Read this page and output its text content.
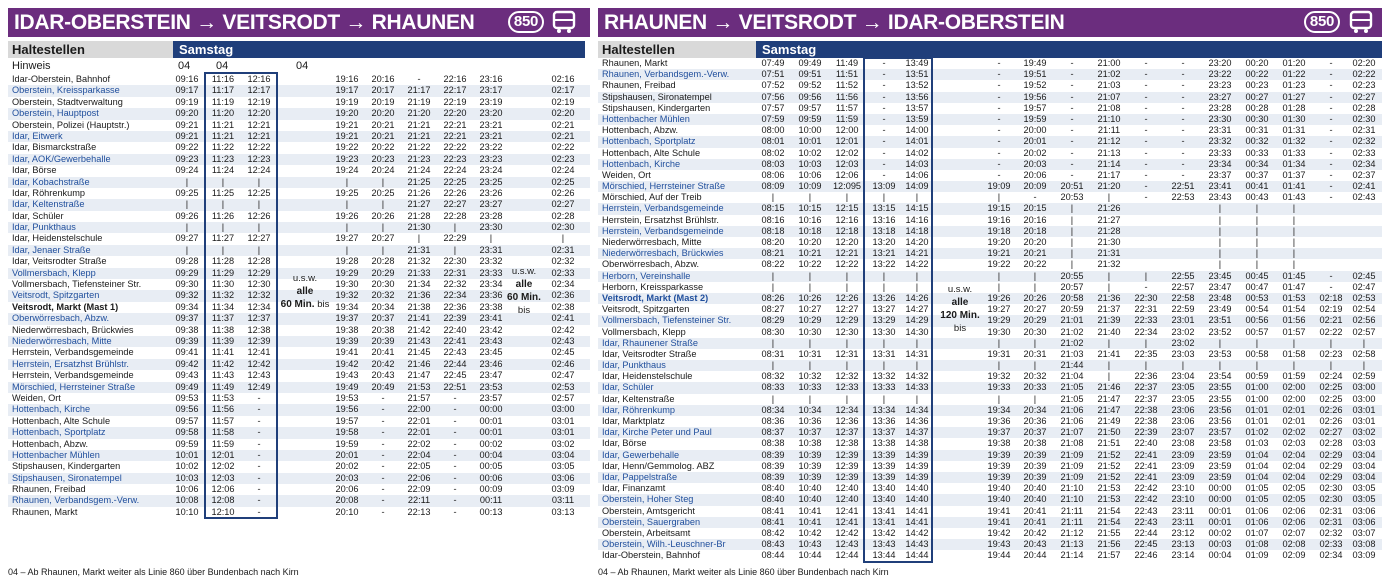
IDAR-OBERSTEIN → VEITSRODT → RHAUNEN	850
Haltestellen	Samstag
Hinweis	04 04	04
Idar-Oberstein, Bahnhof	09:16	11:16	12:16	19:16	20:16	-	22:16	23:16	02:16
Oberstein, Kreissparkasse	09:17	11:17	12:17	19:17	20:17	21:17	22:17	23:17	02:17
Oberstein, Stadtverwaltung	09:19	11:19	12:19	19:19	20:19	21:19	22:19	23:19	02:19
Oberstein, Hauptpost	09:20	11:20	12:20	19:20	20:20	21:20	22:20	23:20	02:20
Oberstein, Polizei (Hauptstr.)	09:21	11:21	12:21	19:21	20:21	21:21	22:21	23:21	02:21
Idar, Eitwerk	09:21	11:21	12:21	19:21	20:21	21:21	22:21	23:21	02:21
Idar, Bismarckstraße	09:22	11:22	12:22	19:22	20:22	21:22	22:22	23:22	02:22
Idar, AOK/Gewerbehalle	09:23	11:23	12:23	19:23	20:23	21:23	22:23	23:23	02:23
Idar, Börse	09:24	11:24	12:24	19:24	20:24	21:24	22:24	23:24	02:24
Idar, Kobachstraße	|	|	|	|	|	21:25	22:25	23:25	02:25
Idar, Röhrenkump	09:25	11:25	12:25	19:25	20:25	21:26	22:26	23:26	02:26
Idar, Keltenstraße	|	|	|	|	|	21:27	22:27	23:27	02:27
Idar, Schüler	09:26	11:26	12:26	19:26	20:26	21:28	22:28	23:28	02:28
Idar, Punkthaus	|	|	|	|	|	21:30	|	23:30	02:30
Idar, Heidenstelschule	09:27	11:27	12:27	19:27	20:27	|	22:29	|	|
Idar, Jenaer Straße	|	|	|	|	|	21:31	|	23:31	02:31
Idar, Veitsrodter Straße	09:28	11:28	12:28	19:28	20:28	21:32	22:30	23:32	02:32
Vollmersbach, Klepp	09:29	11:29	12:29	19:29	20:29	21:33	22:31	23:33	02:33
Vollmersbach, Tiefensteiner Str.	09:30	11:30	12:30	19:30	20:30	21:34	22:32	23:34	02:34
Veitsrodt, Spitzgarten	09:32	11:32	12:32	19:32	20:32	21:36	22:34	23:36	02:36
Veitsrodt, Markt (Mast 1)	09:34	11:34	12:34	19:34	20:34	21:38	22:36	23:38	02:38
Oberwörresbach, Abzw.	09:37	11:37	12:37	19:37	20:37	21:41	22:39	23:41	02:41
Niederwörresbach, Brückwies	09:38	11:38	12:38	19:38	20:38	21:42	22:40	23:42	02:42
Niederwörresbach, Mitte	09:39	11:39	12:39	19:39	20:39	21:43	22:41	23:43	02:43
Herrstein, Verbandsgemeinde	09:41	11:41	12:41	19:41	20:41	21:45	22:43	23:45	02:45
Herrstein, Ersatzhst Brühlstr.	09:42	11:42	12:42	19:42	20:42	21:46	22:44	23:46	02:46
Herrstein, Verbandsgemeinde	09:43	11:43	12:43	19:43	20:43	21:47	22:45	23:47	02:47
Mörschied, Herrsteiner Straße	09:49	11:49	12:49	19:49	20:49	21:53	22:51	23:53	02:53
Weiden, Ort	09:53	11:53	-	19:53	-	21:57	-	23:57	02:57
Hottenbach, Kirche	09:56	11:56	-	19:56	-	22:00	-	00:00	03:00
Hottenbach, Alte Schule	09:57	11:57	-	19:57	-	22:01	-	00:01	03:01
Hottenbach, Sportplatz	09:58	11:58	-	19:58	-	22:01	-	00:01	03:01
Hottenbach, Abzw.	09:59	11:59	-	19:59	-	22:02	-	00:02	03:02
Hottenbacher Mühlen	10:01	12:01	-	20:01	-	22:04	-	00:04	03:04
Stipshausen, Kindergarten	10:02	12:02	-	20:02	-	22:05	-	00:05	03:05
Stipshausen, Sironatempel	10:03	12:03	-	20:03	-	22:06	-	00:06	03:06
Rhaunen, Freibad	10:06	12:06	-	20:06	-	22:09	-	00:09	03:09
Rhaunen, Verbandsgem.-Verw.	10:08	12:08	-	20:08	-	22:11	-	00:11	03:11
Rhaunen, Markt	10:10	12:10	-	20:10	-	22:13	-	00:13	03:13
u.s.w.
alle
60 Min. bis
u.s.w.
alle
60 Min.
bis
04 – Ab Rhaunen, Markt weiter als Linie 860 über Bundenbach nach Kirn
RHAUNEN → VEITSRODT → IDAR-OBERSTEIN	850
Haltestellen	Samstag
Rhaunen, Markt	07:49	09:49	11:49	-	13:49	-	19:49	-	21:00	-	-	23:20	00:20	01:20	-	02:20
Rhaunen, Verbandsgem.-Verw.	07:51	09:51	11:51	-	13:51	-	19:51	-	21:02	-	-	23:22	00:22	01:22	-	02:22
Rhaunen, Freibad	07:52	09:52	11:52	-	13:52	-	19:52	-	21:03	-	-	23:23	00:23	01:23	-	02:23
Stipshausen, Sironatempel	07:56	09:56	11:56	-	13:56	-	19:56	-	21:07	-	-	23:27	00:27	01:27	-	02:27
Stipshausen, Kindergarten	07:57	09:57	11:57	-	13:57	-	19:57	-	21:08	-	-	23:28	00:28	01:28	-	02:28
Hottenbacher Mühlen	07:59	09:59	11:59	-	13:59	-	19:59	-	21:10	-	-	23:30	00:30	01:30	-	02:30
Hottenbach, Abzw.	08:00	10:00	12:00	-	14:00	-	20:00	-	21:11	-	-	23:31	00:31	01:31	-	02:31
Hottenbach, Sportplatz	08:01	10:01	12:01	-	14:01	-	20:01	-	21:12	-	-	23:32	00:32	01:32	-	02:32
Hottenbach, Alte Schule	08:02	10:02	12:02	-	14:02	-	20:02	-	21:13	-	-	23:33	00:33	01:33	-	02:33
Hottenbach, Kirche	08:03	10:03	12:03	-	14:03	-	20:03	-	21:14	-	-	23:34	00:34	01:34	-	02:34
Weiden, Ort	08:06	10:06	12:06	-	14:06	-	20:06	-	21:17	-	-	23:37	00:37	01:37	-	02:37
Mörschied, Herrsteiner Straße	08:09	10:09	12:095	13:09	14:09	19:09	20:09	20:51	21:20	-	22:51	23:41	00:41	01:41	-	02:41
Mörschied, Auf der Treib	|	|	|	|	|	|	-	20:53	|	-	22:53	23:43	00:43	01:43	-	02:43
Herrstein, Verbandsgemeinde	08:15	10:15	12:15	13:15	14:15	19:15	20:15	|	21:26	|	|	|
Herrstein, Ersatzhst Brühlstr.	08:16	10:16	12:16	13:16	14:16	19:16	20:16	|	21:27	|	|	|
Herrstein, Verbandsgemeinde	08:18	10:18	12:18	13:18	14:18	19:18	20:18	|	21:28	|	|	|
Niederwörresbach, Mitte	08:20	10:20	12:20	13:20	14:20	19:20	20:20	|	21:30	|	|	|
Niederwörresbach, Brückwies	08:21	10:21	12:21	13:21	14:21	19:21	20:21	|	21:31	|	|	|
Oberwörresbach, Abzw.	08:22	10:22	12:22	13:22	14:22	19:22	20:22	|	21:32	|	|	|
Herborn, Vereinshalle	|	|	|	|	|	|	|	20:55	|	|	22:55	23:45	00:45	01:45	-	02:45
Herborn, Kreissparkasse	|	|	|	|	|	|	|	20:57	|	-	22:57	23:47	00:47	01:47	-	02:47
Veitsrodt, Markt (Mast 2)	08:26	10:26	12:26	13:26	14:26	19:26	20:26	20:58	21:36	22:30	22:58	23:48	00:53	01:53	02:18	02:53
Veitsrodt, Spitzgarten	08:27	10:27	12:27	13:27	14:27	19:27	20:27	20:59	21:37	22:31	22:59	23:49	00:54	01:54	02:19	02:54
Vollmersbach, Tiefensteiner Str.	08:29	10:29	12:29	13:29	14:29	19:29	20:29	21:01	21:39	22:33	23:01	23:51	00:56	01:56	02:21	02:56
Vollmersbach, Klepp	08:30	10:30	12:30	13:30	14:30	19:30	20:30	21:02	21:40	22:34	23:02	23:52	00:57	01:57	02:22	02:57
Idar, Rhaunener Straße	|	|	|	|	|	|	|	21:02	|	|	23:02	|	|	|	|	|
Idar, Veitsrodter Straße	08:31	10:31	12:31	13:31	14:31	19:31	20:31	21:03	21:41	22:35	23:03	23:53	00:58	01:58	02:23	02:58
Idar, Punkthaus	|	|	|	|	|	|	|	21:44	|	|	|	|	|	|	|	|
Idar, Heidenstelschule	08:32	10:32	12:32	13:32	14:32	19:32	20:32	21:04	|	22:36	23:04	23:54	00:59	01:59	02:24	02:59
Idar, Schüler	08:33	10:33	12:33	13:33	14:33	19:33	20:33	21:05	21:46	22:37	23:05	23:55	01:00	02:00	02:25	03:00
Idar, Keltenstraße	|	|	|	|	|	|	|	21:05	21:47	22:37	23:05	23:55	01:00	02:00	02:25	03:00
Idar, Röhrenkump	08:34	10:34	12:34	13:34	14:34	19:34	20:34	21:06	21:47	22:38	23:06	23:56	01:01	02:01	02:26	03:01
Idar, Marktplatz	08:36	10:36	12:36	13:36	14:36	19:36	20:36	21:06	21:49	22:38	23:06	23:56	01:01	02:01	02:26	03:01
Idar, Kirche Peter und Paul	08:37	10:37	12:37	13:37	14:37	19:37	20:37	21:07	21:50	22:39	23:07	23:57	01:02	02:02	02:27	03:02
Idar, Börse	08:38	10:38	12:38	13:38	14:38	19:38	20:38	21:08	21:51	22:40	23:08	23:58	01:03	02:03	02:28	03:03
Idar, Gewerbehalle	08:39	10:39	12:39	13:39	14:39	19:39	20:39	21:09	21:52	22:41	23:09	23:59	01:04	02:04	02:29	03:04
Idar, Henn/Gemmolog. ABZ	08:39	10:39	12:39	13:39	14:39	19:39	20:39	21:09	21:52	22:41	23:09	23:59	01:04	02:04	02:29	03:04
Idar, Pappelstraße	08:39	10:39	12:39	13:39	14:39	19:39	20:39	21:09	21:52	22:41	23:09	23:59	01:04	02:04	02:29	03:04
Idar, Finanzamt	08:40	10:40	12:40	13:40	14:40	19:40	20:40	21:10	21:53	22:42	23:10	00:00	01:05	02:05	02:30	03:05
Oberstein, Hoher Steg	08:40	10:40	12:40	13:40	14:40	19:40	20:40	21:10	21:53	22:42	23:10	00:00	01:05	02:05	02:30	03:05
Oberstein, Amtsgericht	08:41	10:41	12:41	13:41	14:41	19:41	20:41	21:11	21:54	22:43	23:11	00:01	01:06	02:06	02:31	03:06
Oberstein, Sauergraben	08:41	10:41	12:41	13:41	14:41	19:41	20:41	21:11	21:54	22:43	23:11	00:01	01:06	02:06	02:31	03:06
Oberstein, Arbeitsamt	08:42	10:42	12:42	13:42	14:42	19:42	20:42	21:12	21:55	22:44	23:12	00:02	01:07	02:07	02:32	03:07
Oberstein, Wilh.-Leuschner-Br	08:43	10:43	12:43	13:43	14:43	19:43	20:43	21:13	21:56	22:45	23:13	00:03	01:08	02:08	02:33	03:08
Idar-Oberstein, Bahnhof	08:44	10:44	12:44	13:44	14:44	19:44	20:44	21:14	21:57	22:46	23:14	00:04	01:09	02:09	02:34	03:09
u.s.w.
alle
120 Min.
bis
04 – Ab Rhaunen, Markt weiter als Linie 860 über Bundenbach nach Kirn
